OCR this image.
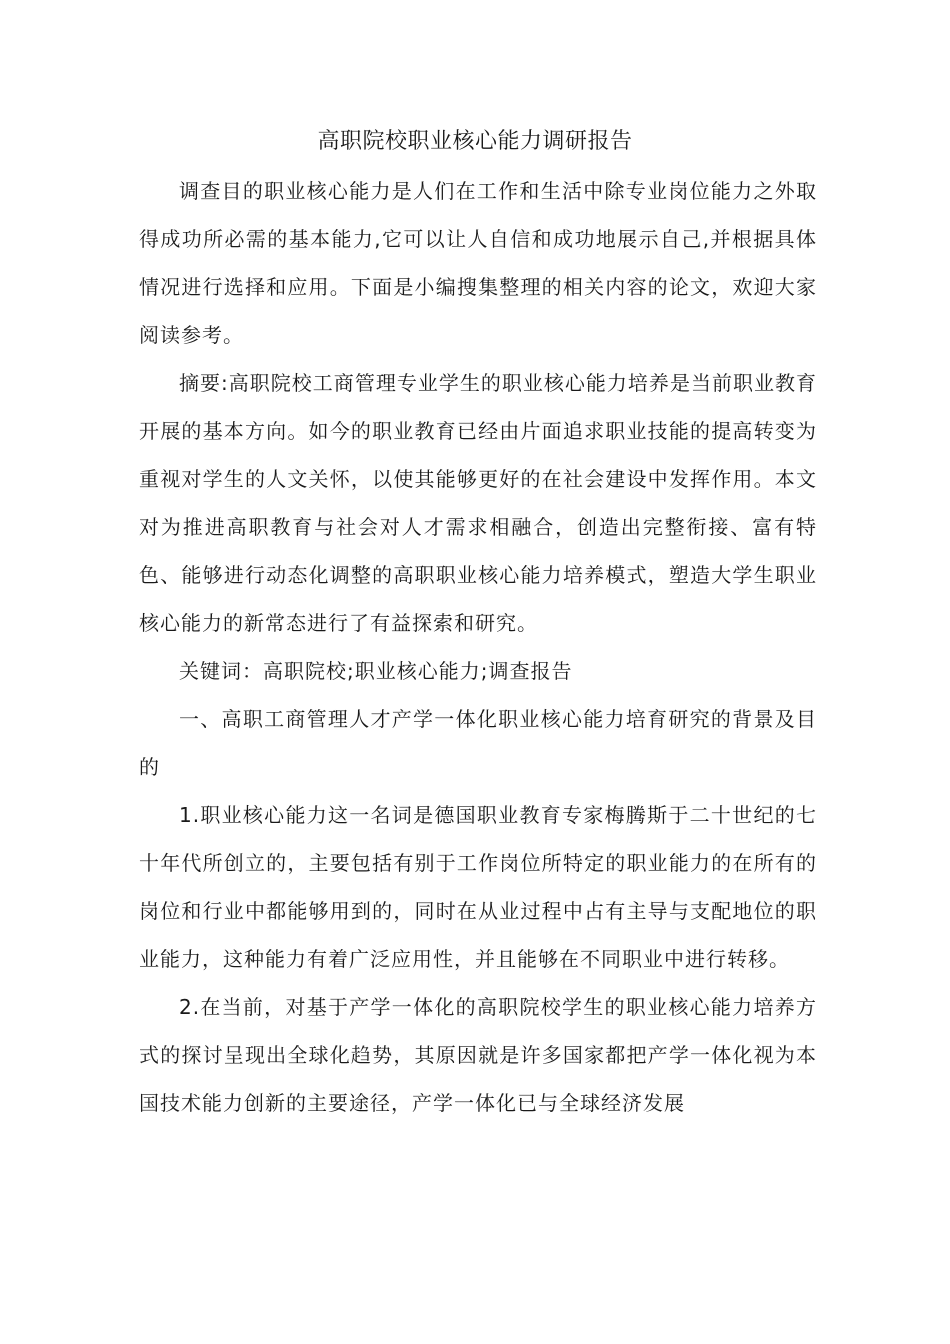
高职院校职业核心能力调研报告

调查目的职业核心能力是人们在工作和生活中除专业岗位能力之外取得成功所必需的基本能力,它可以让人自信和成功地展示自己,并根据具体情况进行选择和应用。下面是小编搜集整理的相关内容的论文，欢迎大家阅读参考。

摘要:高职院校工商管理专业学生的职业核心能力培养是当前职业教育开展的基本方向。如今的职业教育已经由片面追求职业技能的提高转变为重视对学生的人文关怀，以使其能够更好的在社会建设中发挥作用。本文对为推进高职教育与社会对人才需求相融合，创造出完整衔接、富有特色、能够进行动态化调整的高职职业核心能力培养模式，塑造大学生职业核心能力的新常态进行了有益探索和研究。

关键词：高职院校;职业核心能力;调查报告

一、高职工商管理人才产学一体化职业核心能力培育研究的背景及目的

1.职业核心能力这一名词是德国职业教育专家梅腾斯于二十世纪的七十年代所创立的，主要包括有别于工作岗位所特定的职业能力的在所有的岗位和行业中都能够用到的，同时在从业过程中占有主导与支配地位的职业能力，这种能力有着广泛应用性，并且能够在不同职业中进行转移。

2.在当前，对基于产学一体化的高职院校学生的职业核心能力培养方式的探讨呈现出全球化趋势，其原因就是许多国家都把产学一体化视为本国技术能力创新的主要途径，产学一体化已与全球经济发展
